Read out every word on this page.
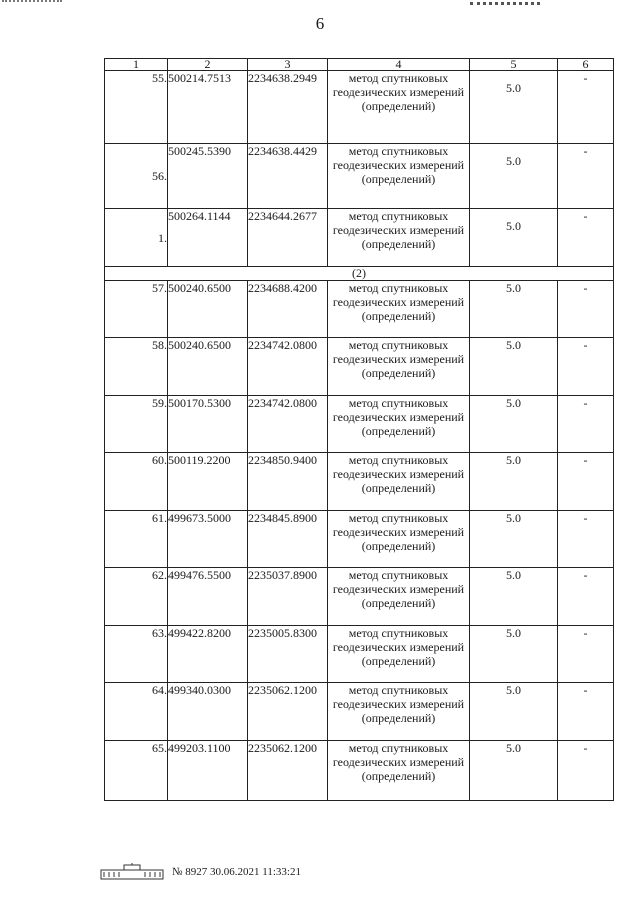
6
1	2	3	4	5	6
55.	500214.7513	2234638.2949	метод спутниковых геодезических измерений (определений)	5.0	-
56.	500245.5390	2234638.4429	метод спутниковых геодезических измерений (определений)	5.0	-
1.	500264.1144	2234644.2677	метод спутниковых геодезических измерений (определений)	5.0	-
(2)					
57.	500240.6500	2234688.4200	метод спутниковых геодезических измерений (определений)	5.0	-
58.	500240.6500	2234742.0800	метод спутниковых геодезических измерений (определений)	5.0	-
59.	500170.5300	2234742.0800	метод спутниковых геодезических измерений (определений)	5.0	-
60.	500119.2200	2234850.9400	метод спутниковых геодезических измерений (определений)	5.0	-
61.	499673.5000	2234845.8900	метод спутниковых геодезических измерений (определений)	5.0	-
62.	499476.5500	2235037.8900	метод спутниковых геодезических измерений (определений)	5.0	-
63.	499422.8200	2235005.8300	метод спутниковых геодезических измерений (определений)	5.0	-
64.	499340.0300	2235062.1200	метод спутниковых геодезических измерений (определений)	5.0	-
65.	499203.1100	2235062.1200	метод спутниковых геодезических измерений (определений)	5.0	-
№ 8927 30.06.2021 11:33:21
